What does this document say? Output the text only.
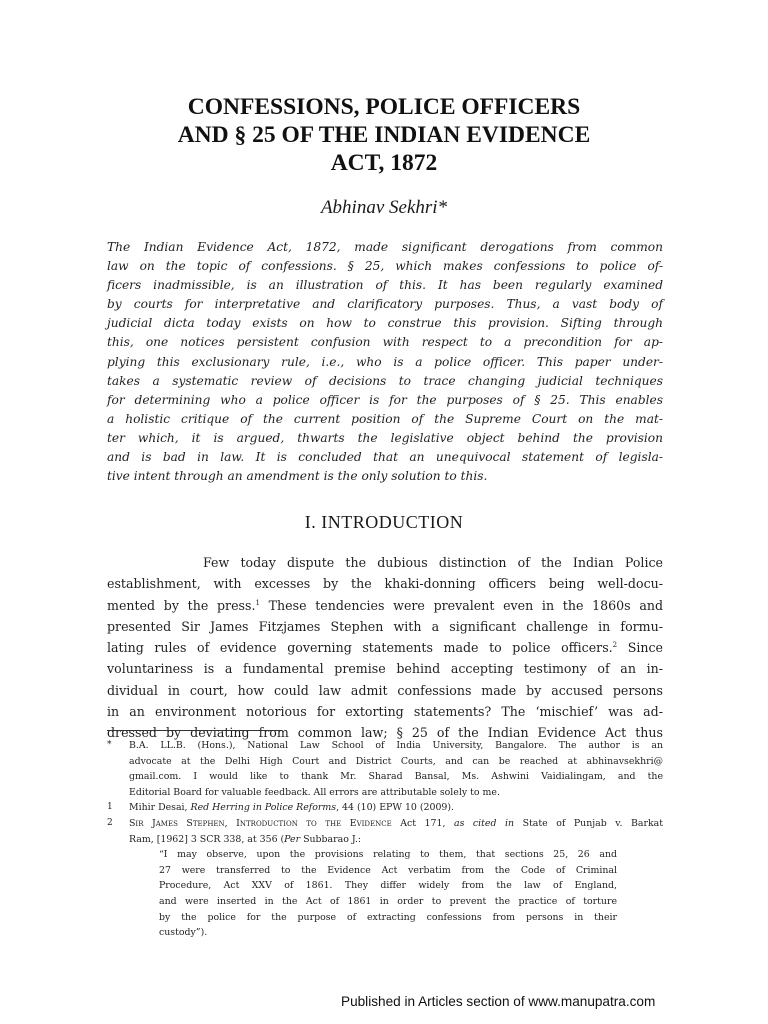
CONFESSIONS, POLICE OFFICERS
AND § 25 OF THE INDIAN EVIDENCE
ACT, 1872
Abhinav Sekhri*
The Indian Evidence Act, 1872, made significant derogations from common
law on the topic of confessions. § 25, which makes confessions to police of-
ficers inadmissible, is an illustration of this. It has been regularly examined
by courts for interpretative and clarificatory purposes. Thus, a vast body of
judicial dicta today exists on how to construe this provision. Sifting through
this, one notices persistent confusion with respect to a precondition for ap-
plying this exclusionary rule, i.e., who is a police officer. This paper under-
takes a systematic review of decisions to trace changing judicial techniques
for determining who a police officer is for the purposes of § 25. This enables
a holistic critique of the current position of the Supreme Court on the mat-
ter which, it is argued, thwarts the legislative object behind the provision
and is bad in law. It is concluded that an unequivocal statement of legisla-
tive intent through an amendment is the only solution to this.
I. INTRODUCTION
Few today dispute the dubious distinction of the Indian Police
establishment, with excesses by the khaki-donning officers being well-docu-
mented by the press.$^1$ These tendencies were prevalent even in the 1860s and
presented Sir James Fitzjames Stephen with a significant challenge in formu-
lating rules of evidence governing statements made to police officers.$^2$ Since
voluntariness is a fundamental premise behind accepting testimony of an in-
dividual in court, how could law admit confessions made by accused persons
in an environment notorious for extorting statements? The ‘mischief’ was ad-
dressed by deviating from common law; § 25 of the Indian Evidence Act thus
*	B.A. LL.B. (Hons.), National Law School of India University, Bangalore. The author is an
advocate at the Delhi High Court and District Courts, and can be reached at abhinavsekhri@
gmail.com. I would like to thank Mr. Sharad Bansal, Ms. Ashwini Vaidialingam, and the
Editorial Board for valuable feedback. All errors are attributable solely to me.
1	Mihir Desai, Red Herring in Police Reforms, 44 (10) EPW 10 (2009).
2	Sir James Stephen, Introduction to the Evidence Act 171, as cited in State of Punjab v. Barkat
Ram, [1962] 3 SCR 338, at 356 (Per Subbarao J.:
“I may observe, upon the provisions relating to them, that sections 25, 26 and
27 were transferred to the Evidence Act verbatim from the Code of Criminal
Procedure, Act XXV of 1861. They differ widely from the law of England,
and were inserted in the Act of 1861 in order to prevent the practice of torture
by the police for the purpose of extracting confessions from persons in their
custody”).
Published in Articles section of www.manupatra.com
